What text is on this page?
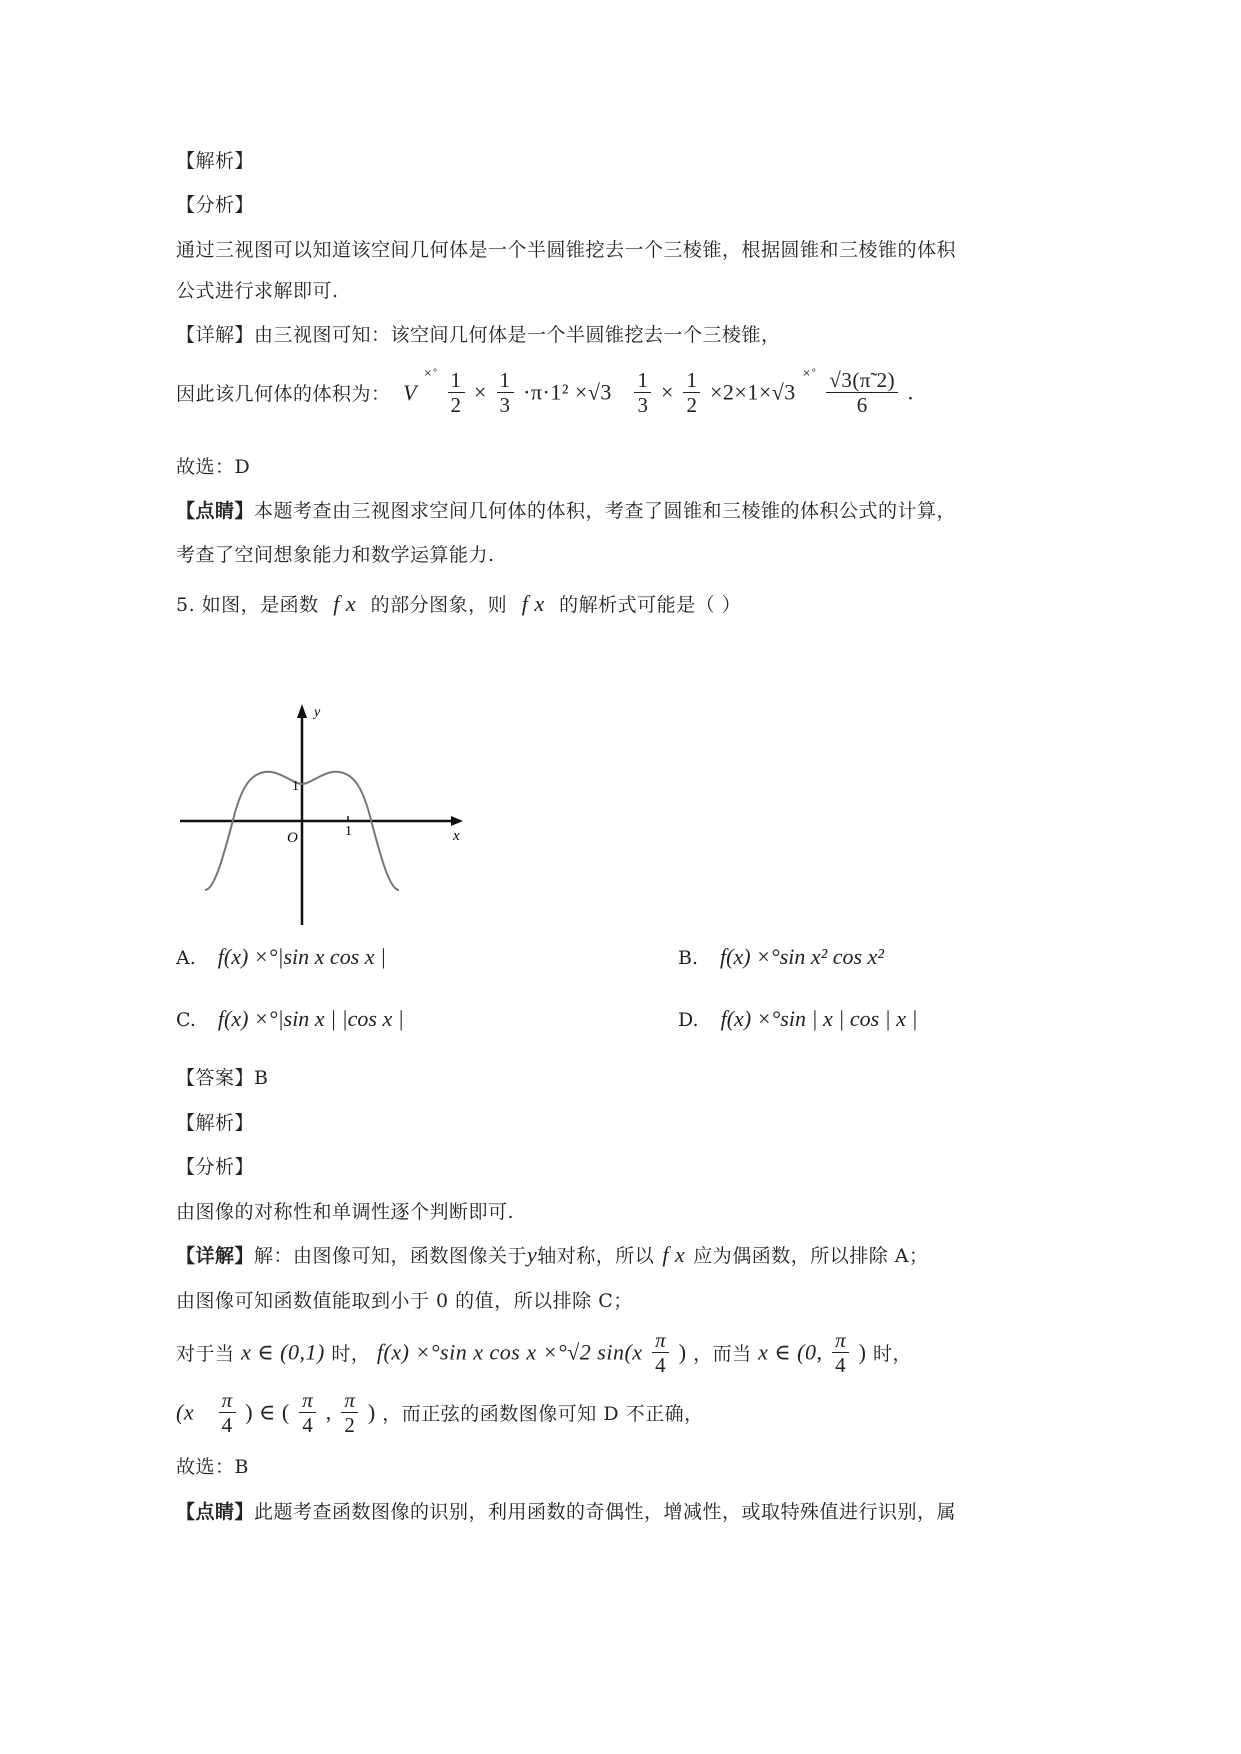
【解析】
【分析】
通过三视图可以知道该空间几何体是一个半圆锥挖去一个三棱锥，根据圆锥和三棱锥的体积
公式进行求解即可.
【详解】由三视图可知：该空间几何体是一个半圆锥挖去一个三棱锥，
因此该几何体的体积为： V $^{\times^\circ} \frac{1}{2} \times \frac{1}{3} \cdot\pi\cdot 1^2 \times√3 \frac{1}{3} \times \frac{1}{2} \times 2\times 1\times√3$ $^{\times^\circ} \frac{√3(\pĩ 2)}{6}$ .
故选：D
【点睛】本题考查由三视图求空间几何体的体积，考查了圆锥和三棱锥的体积公式的计算，
考查了空间想象能力和数学运算能力.
5. 如图，是函数 f x 的部分图象，则 f x 的解析式可能是（ ）
y
x
O
1
1
A. f(x) ×°|sin x cos x |	B. f(x) ×°sin x² cos x²
C. f(x) ×°|sin x | |cos x |	D. f(x) ×°sin | x | cos | x |
【答案】B
【解析】
【分析】
由图像的对称性和单调性逐个判断即可.
【详解】解：由图像可知，函数图像关于y轴对称，所以 f x 应为偶函数，所以排除 A；
由图像可知函数值能取到小于 0 的值，所以排除 C；
对于当 x ∈ (0,1) 时， f(x) ×°sin x cos x ×°√2 $\sin(x \frac{\pi}{4}$ ) ，而当 x ∈ (0, $\frac{\pi}{4}$ ) 时，
($x \frac{\pi}{4}$ ) ∈ ( $\frac{\pi}{4}$ , $\frac{\pi}{2}$ ) ，而正弦的函数图像可知 D 不正确，
故选：B
【点睛】此题考查函数图像的识别，利用函数的奇偶性，增减性，或取特殊值进行识别，属
